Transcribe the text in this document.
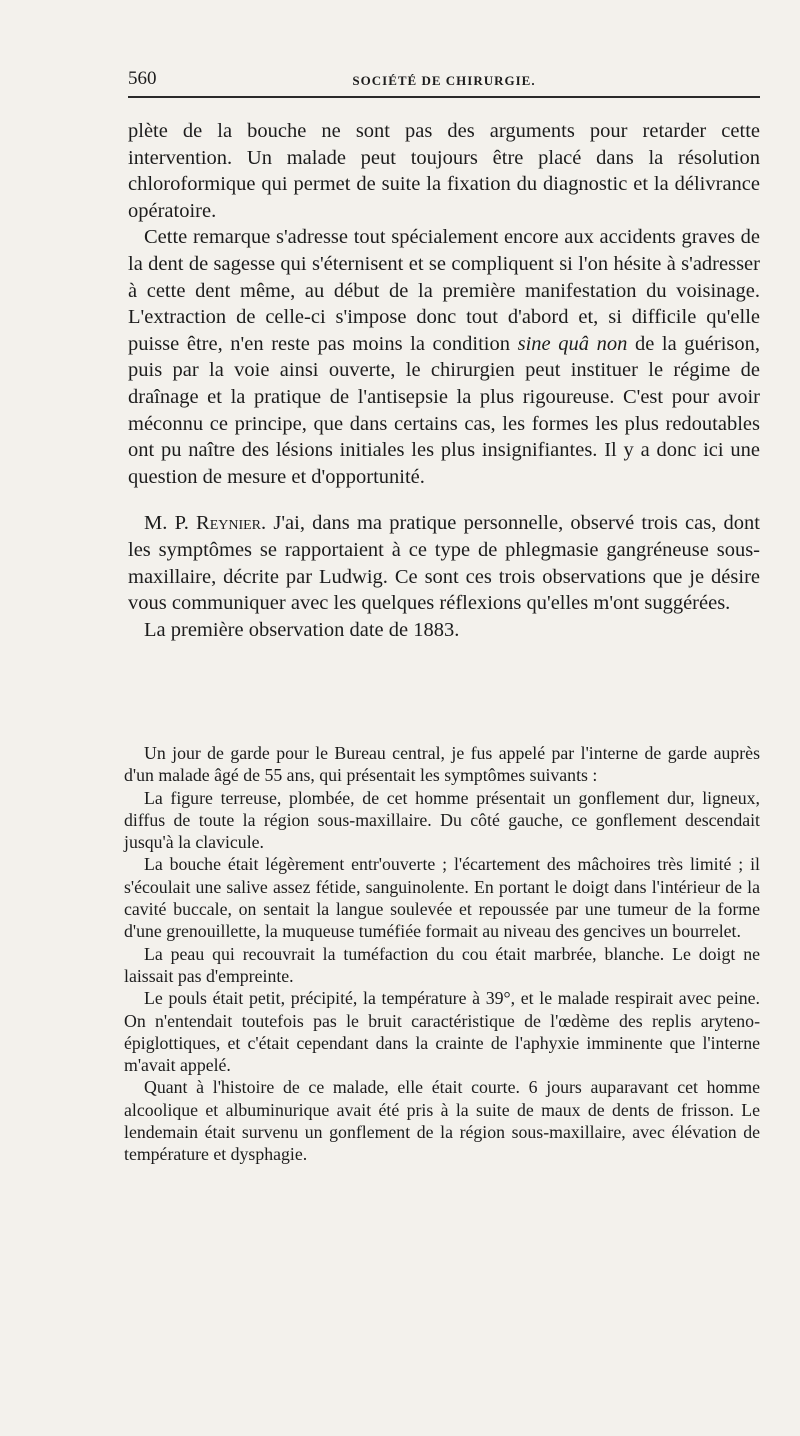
560	SOCIÉTÉ DE CHIRURGIE.

plète de la bouche ne sont pas des arguments pour retarder cette intervention. Un malade peut toujours être placé dans la résolution chloroformique qui permet de suite la fixation du diagnostic et la délivrance opératoire.

Cette remarque s'adresse tout spécialement encore aux accidents graves de la dent de sagesse qui s'éternisent et se compliquent si l'on hésite à s'adresser à cette dent même, au début de la première manifestation du voisinage. L'extraction de celle-ci s'impose donc tout d'abord et, si difficile qu'elle puisse être, n'en reste pas moins la condition sine quâ non de la guérison, puis par la voie ainsi ouverte, le chirurgien peut instituer le régime de draînage et la pratique de l'antisepsie la plus rigoureuse. C'est pour avoir méconnu ce principe, que dans certains cas, les formes les plus redoutables ont pu naître des lésions initiales les plus insignifiantes. Il y a donc ici une question de mesure et d'opportunité.

M. P. Reynier. J'ai, dans ma pratique personnelle, observé trois cas, dont les symptômes se rapportaient à ce type de phlegmasie gangréneuse sous-maxillaire, décrite par Ludwig. Ce sont ces trois observations que je désire vous communiquer avec les quelques réflexions qu'elles m'ont suggérées.

La première observation date de 1883.

Un jour de garde pour le Bureau central, je fus appelé par l'interne de garde auprès d'un malade âgé de 55 ans, qui présentait les symptômes suivants :

La figure terreuse, plombée, de cet homme présentait un gonflement dur, ligneux, diffus de toute la région sous-maxillaire. Du côté gauche, ce gonflement descendait jusqu'à la clavicule.

La bouche était légèrement entr'ouverte ; l'écartement des mâchoires très limité ; il s'écoulait une salive assez fétide, sanguinolente. En portant le doigt dans l'intérieur de la cavité buccale, on sentait la langue soulevée et repoussée par une tumeur de la forme d'une grenouillette, la muqueuse tuméfiée formait au niveau des gencives un bourrelet.

La peau qui recouvrait la tuméfaction du cou était marbrée, blanche. Le doigt ne laissait pas d'empreinte.

Le pouls était petit, précipité, la température à 39°, et le malade respirait avec peine. On n'entendait toutefois pas le bruit caractéristique de l'œdème des replis aryteno-épiglottiques, et c'était cependant dans la crainte de l'aphyxie imminente que l'interne m'avait appelé.

Quant à l'histoire de ce malade, elle était courte. 6 jours auparavant cet homme alcoolique et albuminurique avait été pris à la suite de maux de dents de frisson. Le lendemain était survenu un gonflement de la région sous-maxillaire, avec élévation de température et dysphagie.
